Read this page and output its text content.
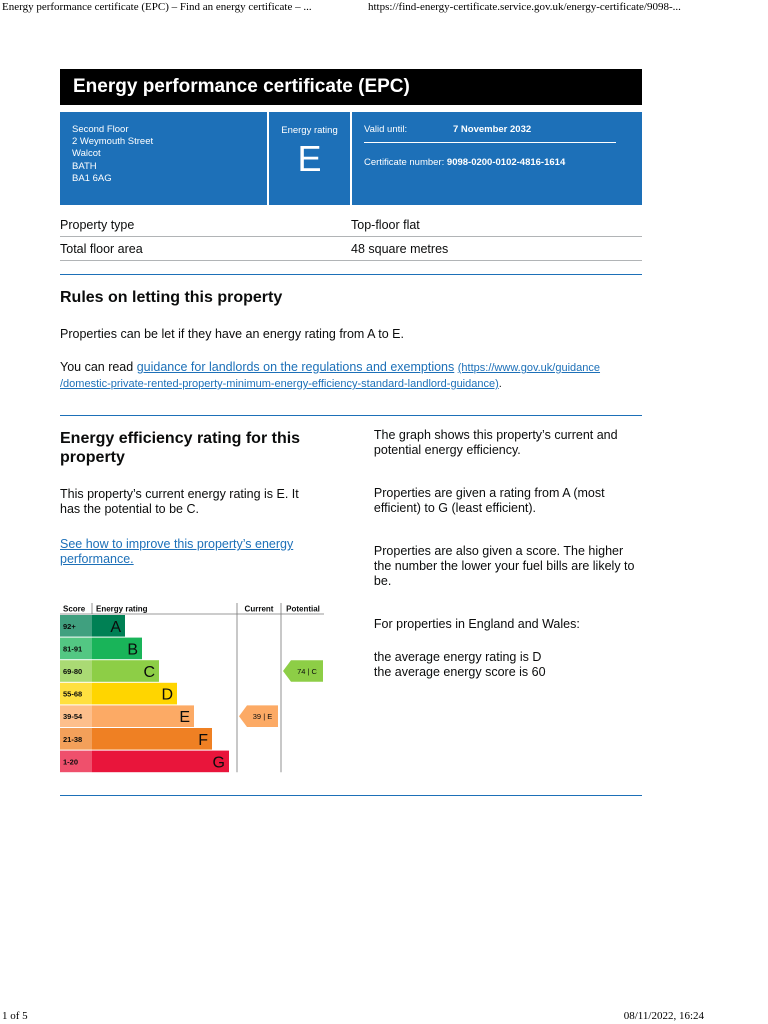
Energy performance certificate (EPC) – Find an energy certificate – ...	https://find-energy-certificate.service.gov.uk/energy-certificate/9098-...
Energy performance certificate (EPC)
Second Floor
2 Weymouth Street
Walcot
BATH
BA1 6AG
Energy rating
E
Valid until:	7 November 2032
Certificate number: 9098-0200-0102-4816-1614
Property type	Top-floor flat
Total floor area	48 square metres
Rules on letting this property

Properties can be let if they have an energy rating from A to E.

You can read guidance for landlords on the regulations and exemptions (https://www.gov.uk/guidance
/domestic-private-rented-property-minimum-energy-efficiency-standard-landlord-guidance).

Energy efficiency rating for this property

This property’s current energy rating is E. It has the potential to be C.

See how to improve this property’s energy performance.

Score Energy rating	Current Potential
92+ A
81-91	B
69-80	C
55-68	D
39-54	E
21-38	F
1-20	G
39 | E
74 | C

The graph shows this property’s current and potential energy efficiency.

Properties are given a rating from A (most efficient) to G (least efficient).

Properties are also given a score. The higher the number the lower your fuel bills are likely to be.

For properties in England and Wales:

the average energy rating is D

the average energy score is 60

1 of 5	08/11/2022, 16:24
